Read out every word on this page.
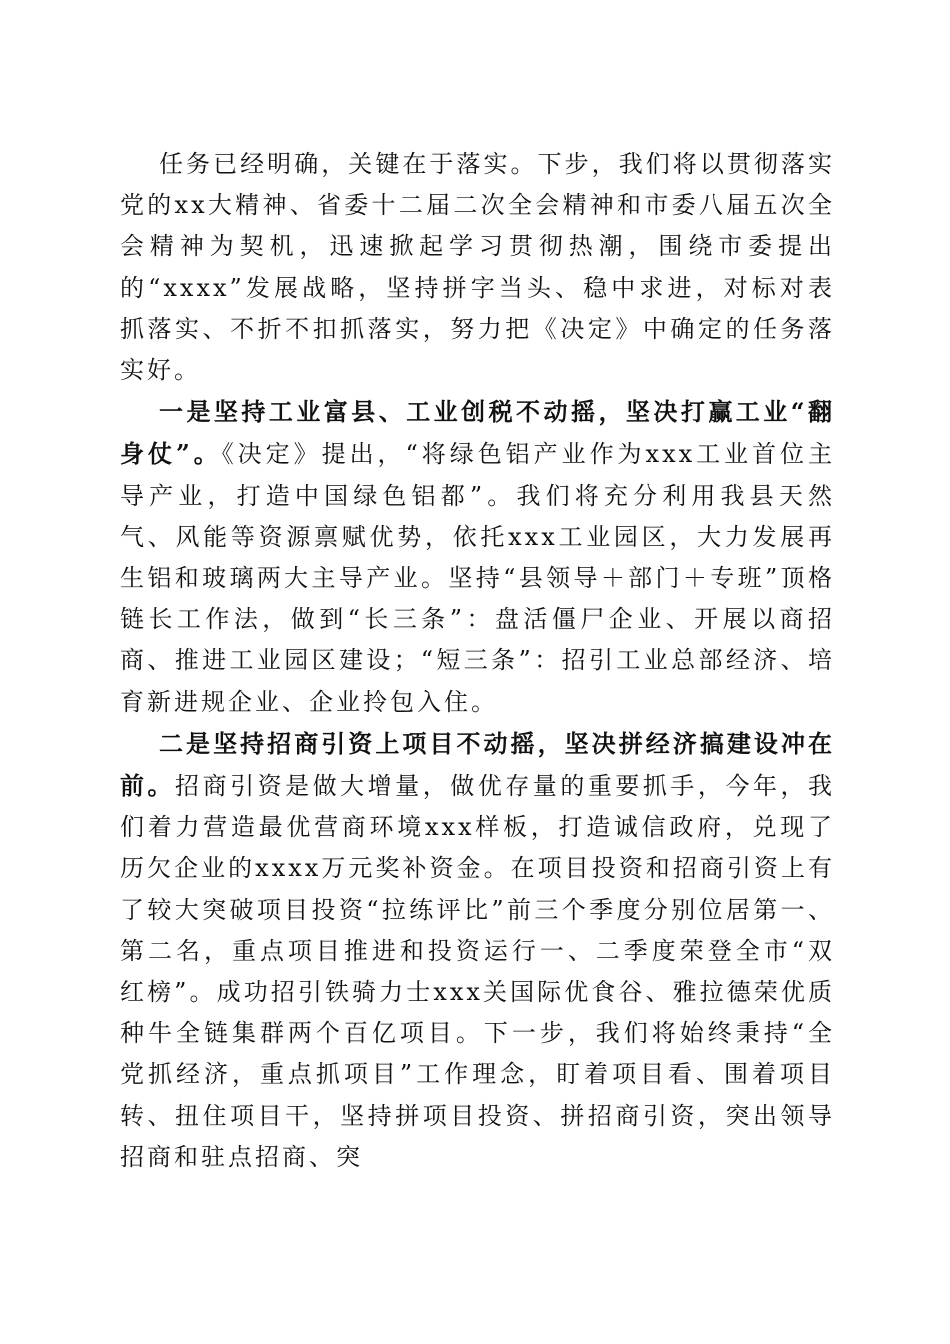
任务已经明确，关键在于落实。下步，我们将以贯彻落实党的xx大精神、省委十二届二次全会精神和市委八届五次全会精神为契机，迅速掀起学习贯彻热潮，围绕市委提出的“xxxx”发展战略，坚持拼字当头、稳中求进，对标对表抓落实、不折不扣抓落实，努力把《决定》中确定的任务落实好。

一是坚持工业富县、工业创税不动摇，坚决打赢工业“翻身仗”。《决定》提出，“将绿色铝产业作为xxx工业首位主导产业，打造中国绿色铝都”。我们将充分利用我县天然气、风能等资源禀赋优势，依托xxx工业园区，大力发展再生铝和玻璃两大主导产业。坚持“县领导＋部门＋专班”顶格链长工作法，做到“长三条”：盘活僵尸企业、开展以商招商、推进工业园区建设；“短三条”：招引工业总部经济、培育新进规企业、企业拎包入住。

二是坚持招商引资上项目不动摇，坚决拼经济搞建设冲在前。招商引资是做大增量，做优存量的重要抓手，今年，我们着力营造最优营商环境xxx样板，打造诚信政府，兑现了历欠企业的xxxx万元奖补资金。在项目投资和招商引资上有了较大突破项目投资“拉练评比”前三个季度分别位居第一、第二名，重点项目推进和投资运行一、二季度荣登全市“双红榜”。成功招引铁骑力士xxx关国际优食谷、雅拉德荣优质种牛全链集群两个百亿项目。下一步，我们将始终秉持“全党抓经济，重点抓项目”工作理念，盯着项目看、围着项目转、扭住项目干，坚持拼项目投资、拼招商引资，突出领导招商和驻点招商、突
